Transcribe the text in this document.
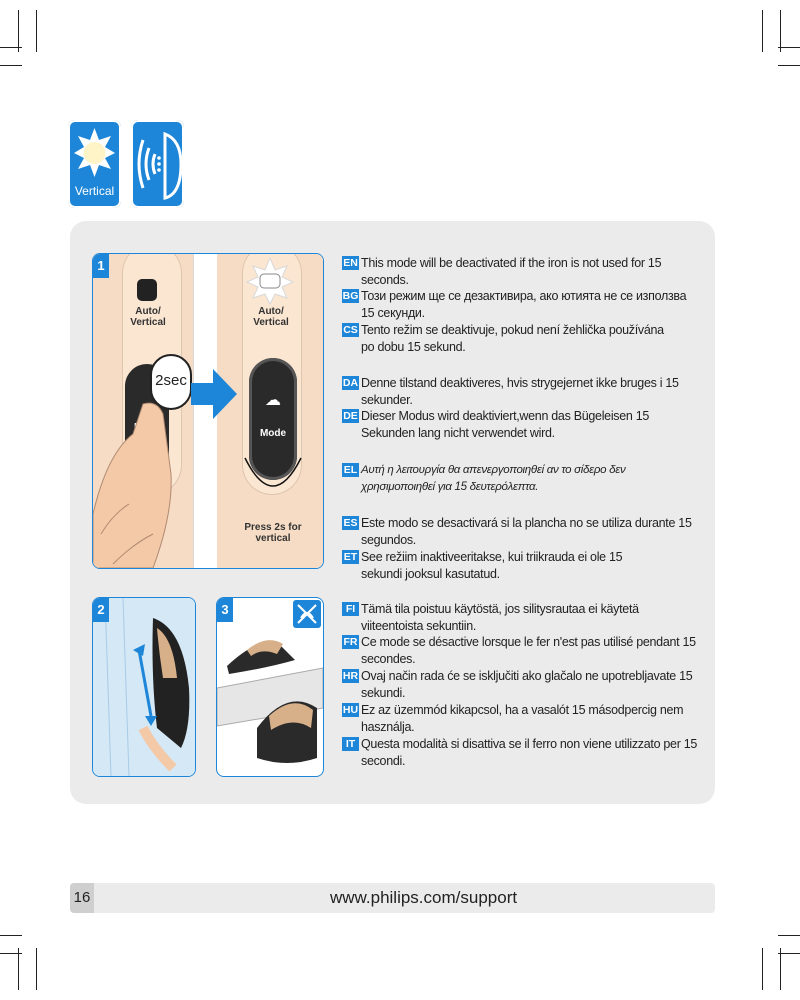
Vertical
Auto/
Vertical
2sec
Auto/
Vertical
☁
Mode
Press 2s for
vertical
1
2	3
EN This mode will be deactivated if the iron is not used for 15 seconds.
BG Този режим ще се дезактивира, ако ютията не се използва 15 секунди.
CS Tento režim se deaktivuje, pokud není žehlička používána po dobu 15 sekund.
DA Denne tilstand deaktiveres, hvis strygejernet ikke bruges i 15 sekunder.
DE Dieser Modus wird deaktiviert,wenn das Bügeleisen 15 Sekunden lang nicht verwendet wird.
EL Αυτή η λειτουργία θα απενεργοποιηθεί αν το σίδερο δεν χρησιμοποιηθεί για 15 δευτερόλεπτα.
ES Este modo se desactivará si la plancha no se utiliza durante 15 segundos.
ET See režiim inaktiveeritakse, kui triikrauda ei ole 15 sekundi jooksul kasutatud.
FI Tämä tila poistuu käytöstä, jos silitysrautaa ei käytetä viiteentoista sekuntiin.
FR Ce mode se désactive lorsque le fer n'est pas utilisé pendant 15 secondes.
HR Ovaj način rada će se isključiti ako glačalo ne upotrebljavate 15 sekundi.
HU Ez az üzemmód kikapcsol, ha a vasalót 15 másodpercig nem használja.
IT Questa modalità si disattiva se il ferro non viene utilizzato per 15 secondi.
16	www.philips.com/support
